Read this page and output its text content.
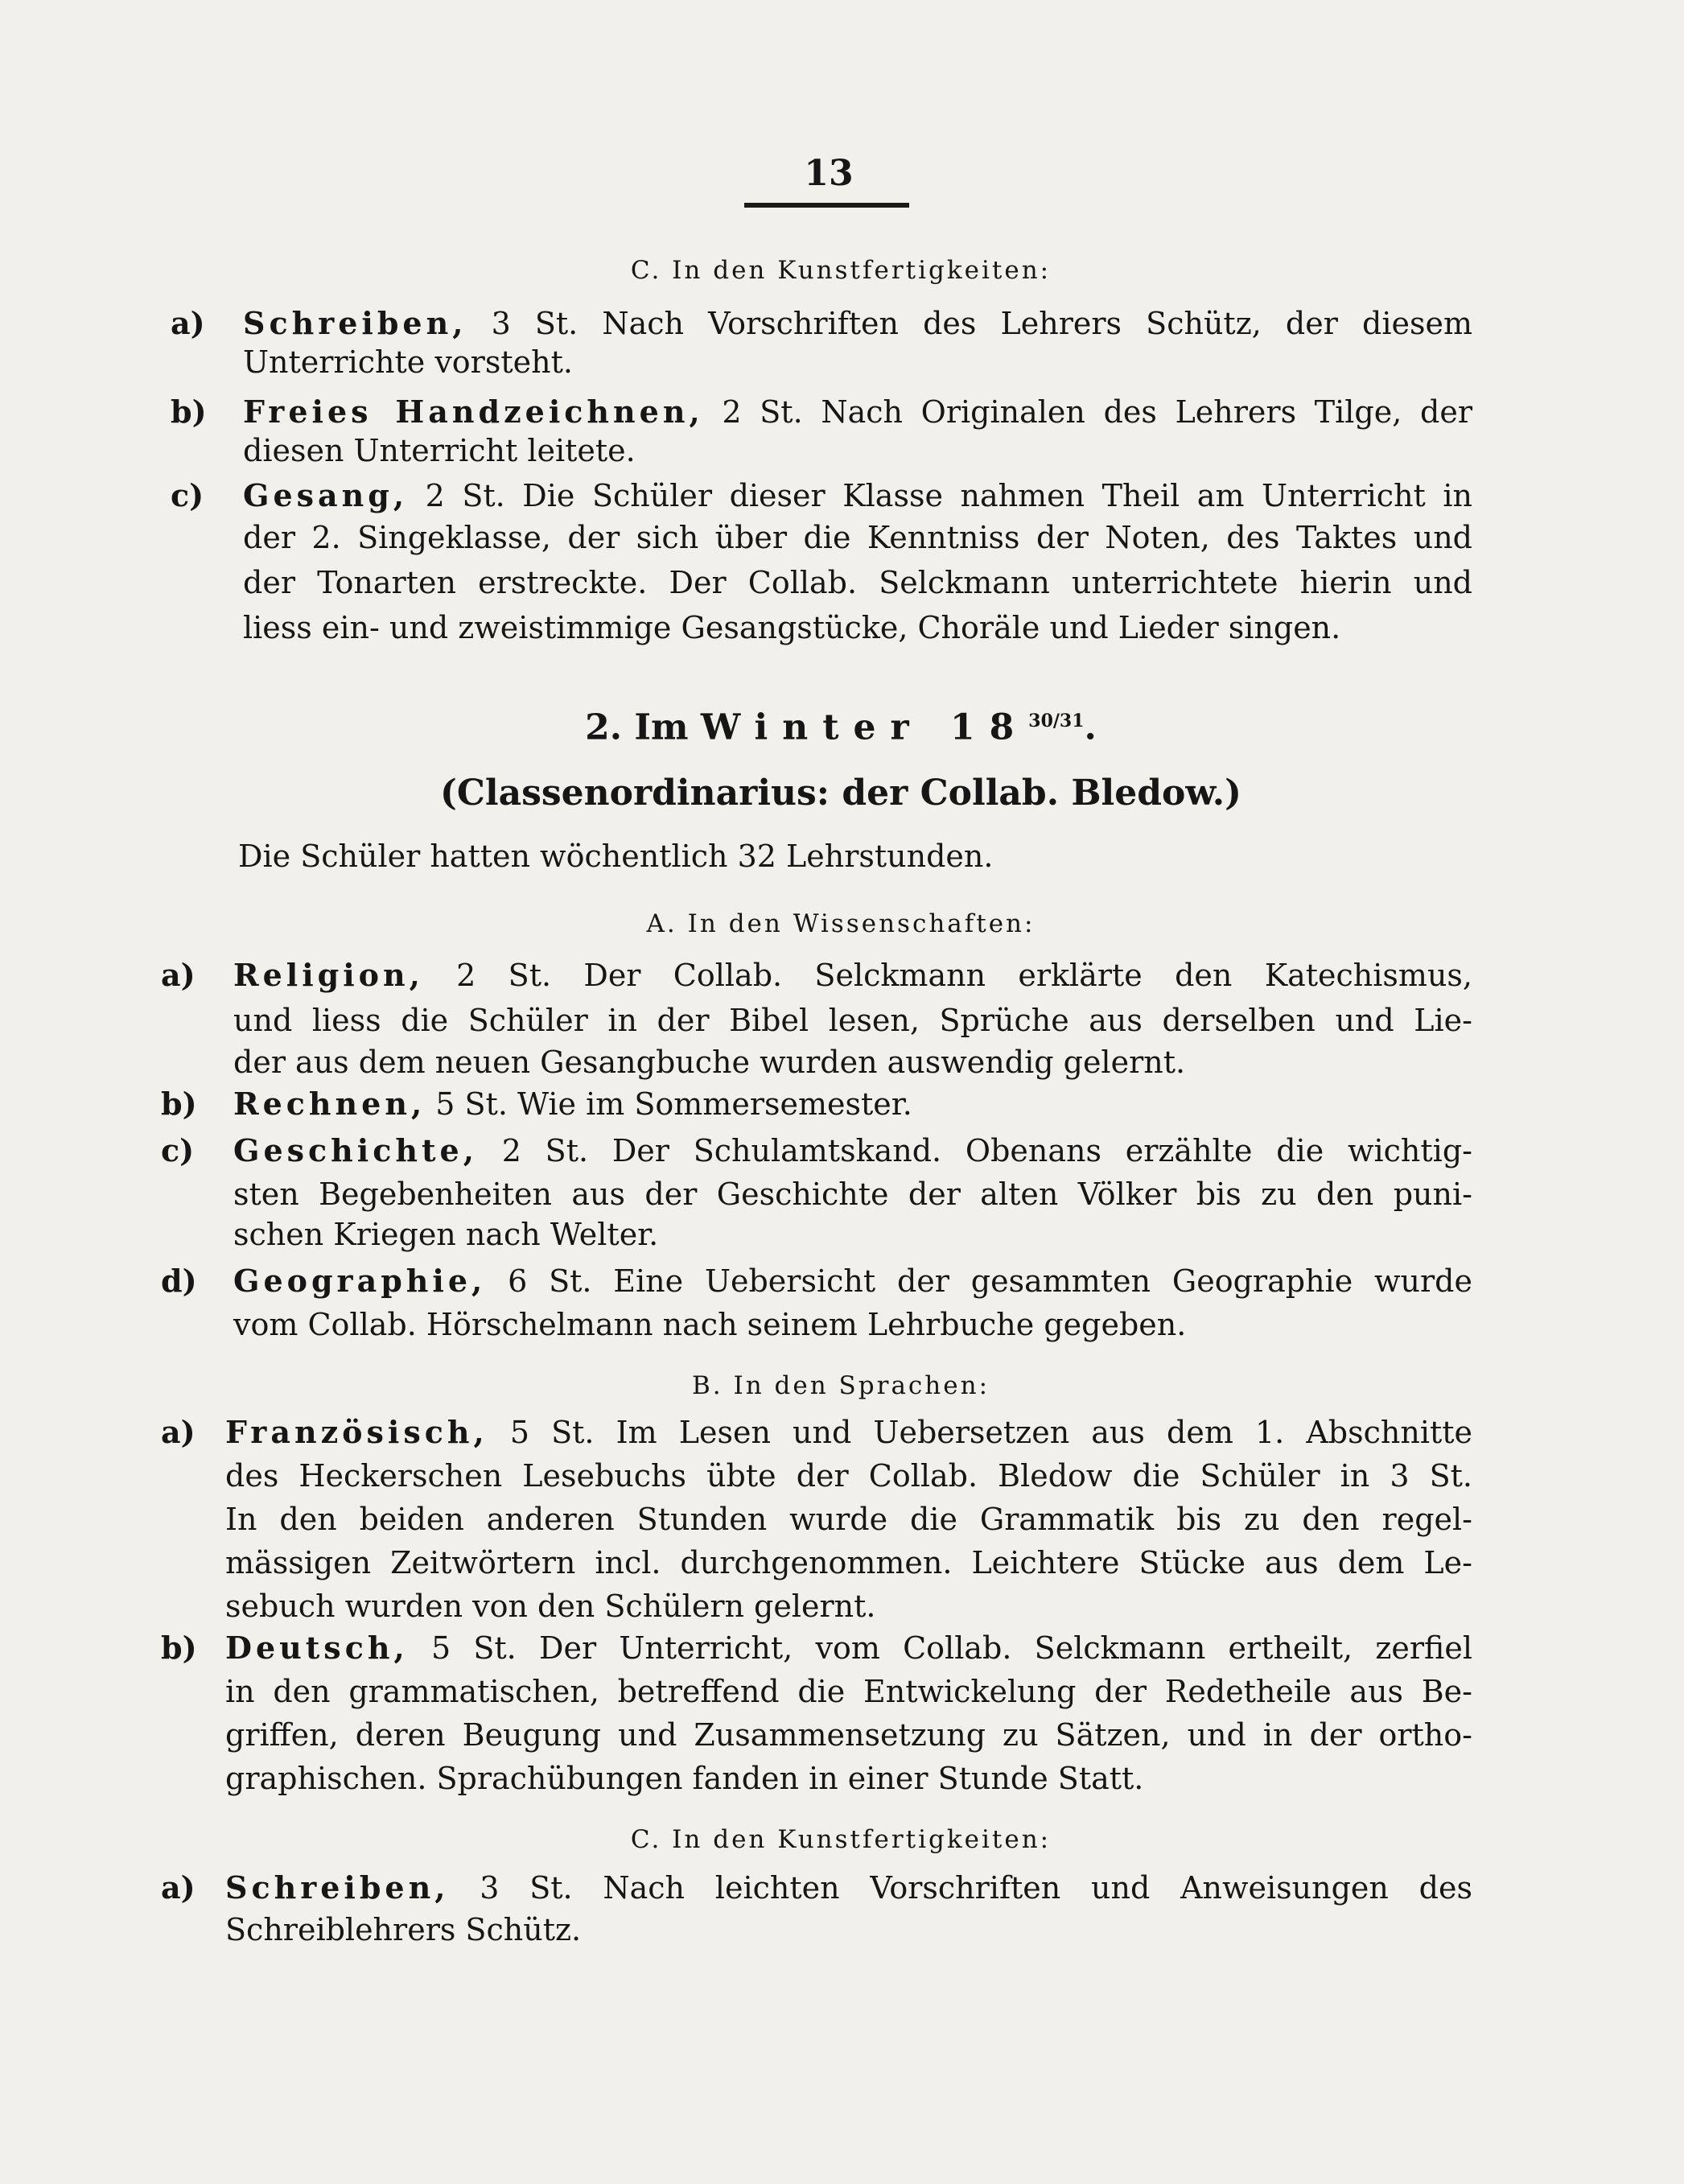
13
C. In den Kunstfertigkeiten:
a) Schreiben, 3 St. Nach Vorschriften des Lehrers Schütz, der diesem
Unterrichte vorsteht.
b) Freies Handzeichnen, 2 St. Nach Originalen des Lehrers Tilge, der
diesen Unterricht leitete.
c) Gesang, 2 St. Die Schüler dieser Klasse nahmen Theil am Unterricht in
der 2. Singeklasse, der sich über die Kenntniss der Noten, des Taktes und
der Tonarten erstreckte. Der Collab. Selckmann unterrichtete hierin und
liess ein- und zweistimmige Gesangstücke, Choräle und Lieder singen.
2. Im Winter $18^{30/31}$.
(Classenordinarius: der Collab. Bledow.)
Die Schüler hatten wöchentlich 32 Lehrstunden.
A. In den Wissenschaften:
a) Religion, 2 St. Der Collab. Selckmann erklärte den Katechismus,
und liess die Schüler in der Bibel lesen, Sprüche aus derselben und Lie-
der aus dem neuen Gesangbuche wurden auswendig gelernt.
b) Rechnen, 5 St. Wie im Sommersemester.
c) Geschichte, 2 St. Der Schulamtskand. Obenans erzählte die wichtig-
sten Begebenheiten aus der Geschichte der alten Völker bis zu den puni-
schen Kriegen nach Welter.
d) Geographie, 6 St. Eine Uebersicht der gesammten Geographie wurde
vom Collab. Hörschelmann nach seinem Lehrbuche gegeben.
B. In den Sprachen:
a) Französisch, 5 St. Im Lesen und Uebersetzen aus dem 1. Abschnitte
des Heckerschen Lesebuchs übte der Collab. Bledow die Schüler in 3 St.
In den beiden anderen Stunden wurde die Grammatik bis zu den regel-
mässigen Zeitwörtern incl. durchgenommen. Leichtere Stücke aus dem Le-
sebuch wurden von den Schülern gelernt.
b) Deutsch, 5 St. Der Unterricht, vom Collab. Selckmann ertheilt, zerfiel
in den grammatischen, betreffend die Entwickelung der Redetheile aus Be-
griffen, deren Beugung und Zusammensetzung zu Sätzen, und in der ortho-
graphischen. Sprachübungen fanden in einer Stunde Statt.
C. In den Kunstfertigkeiten:
a) Schreiben, 3 St. Nach leichten Vorschriften und Anweisungen des
Schreiblehrers Schütz.
